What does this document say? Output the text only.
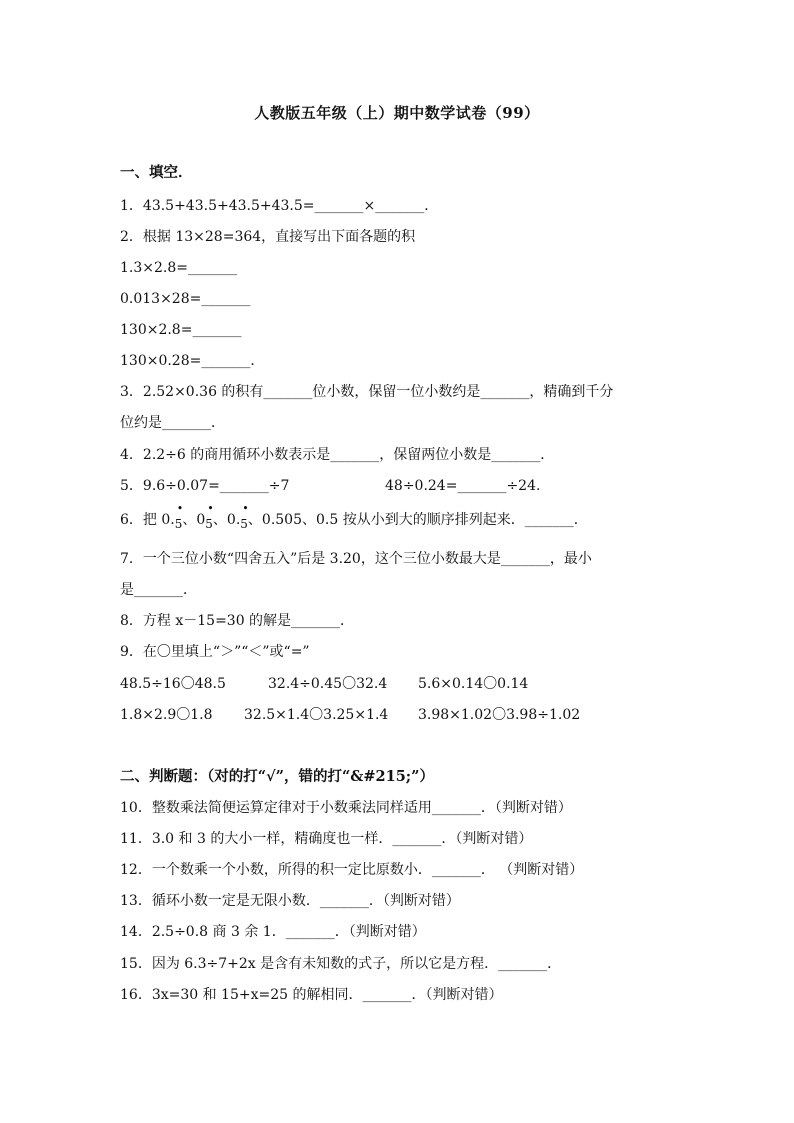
人教版五年级（上）期中数学试卷（99）
一、填空．
1．43.5+43.5+43.5+43.5=_______×_______．
2．根据 13×28=364，直接写出下面各题的积
1.3×2.8=_______
0.013×28=_______
130×2.8=_______
130×0.28=_______．
3．2.52×0.36 的积有_______位小数，保留一位小数约是_______，精确到千分
位约是_______．
4．2.2÷6 的商用循环小数表示是_______，保留两位小数是_______．
5．9.6÷0.07=_______÷7	48÷0.24=_______÷24.
6．把 0.
•
5、0
•
5、0.
•
5、0.505、0.5 按从小到大的顺序排列起来．_______．
7．一个三位小数“四舍五入”后是 3.20，这个三位小数最大是_______，最小
是_______．
8．方程 x－15=30 的解是_______．
9．在〇里填上“＞”“＜”或“=”
48.5÷16〇48.5	32.4÷0.45〇32.4	5.6×0.14〇0.14
1.8×2.9〇1.8	32.5×1.4〇3.25×1.4	3.98×1.02〇3.98÷1.02
二、判断题：（对的打“√”，错的打“&#215;”）
10．整数乘法简便运算定律对于小数乘法同样适用_______．（判断对错）
11．3.0 和 3 的大小一样，精确度也一样．_______．（判断对错）
12．一个数乘一个小数，所得的积一定比原数小．_______． （判断对错）
13．循环小数一定是无限小数．_______．（判断对错）
14．2.5÷0.8 商 3 余 1．_______．（判断对错）
15．因为 6.3÷7+2x 是含有未知数的式子，所以它是方程．_______．
16．3x=30 和 15+x=25 的解相同．_______．（判断对错）
